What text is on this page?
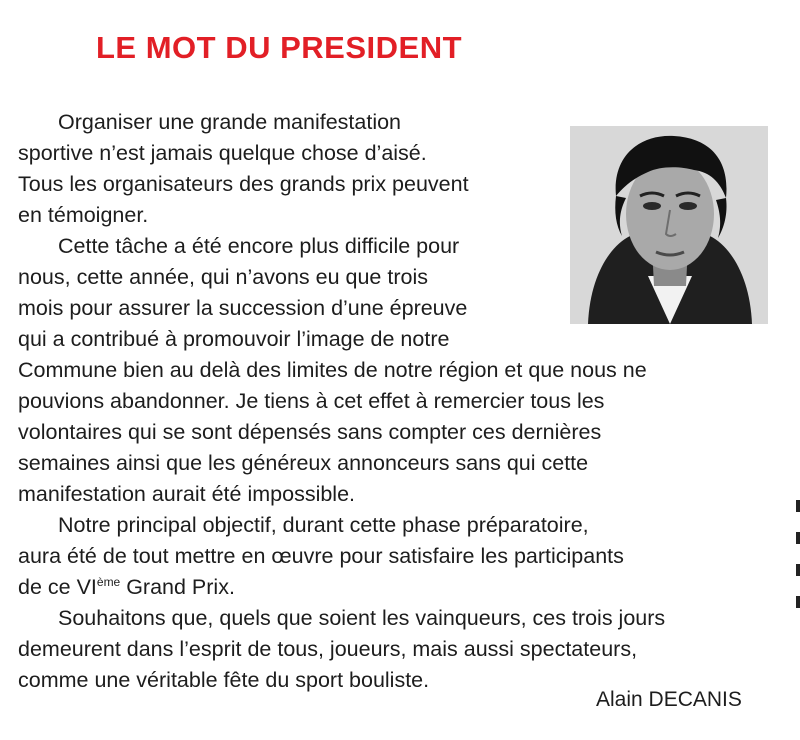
LE MOT DU PRESIDENT
Organiser une grande manifestation
sportive n’est jamais quelque chose d’aisé.
Tous les organisateurs des grands prix peuvent
en témoigner.
Cette tâche a été encore plus difficile pour
nous, cette année, qui n’avons eu que trois
mois pour assurer la succession d’une épreuve
qui a contribué à promouvoir l’image de notre
Commune bien au delà des limites de notre région et que nous ne
pouvions abandonner. Je tiens à cet effet à remercier tous les
volontaires qui se sont dépensés sans compter ces dernières
semaines ainsi que les généreux annonceurs sans qui cette
manifestation aurait été impossible.
Notre principal objectif, durant cette phase préparatoire,
aura été de tout mettre en œuvre pour satisfaire les participants
de ce VIème Grand Prix.
Souhaitons que, quels que soient les vainqueurs, ces trois jours
demeurent dans l’esprit de tous, joueurs, mais aussi spectateurs,
comme une véritable fête du sport bouliste.
Alain DECANIS
